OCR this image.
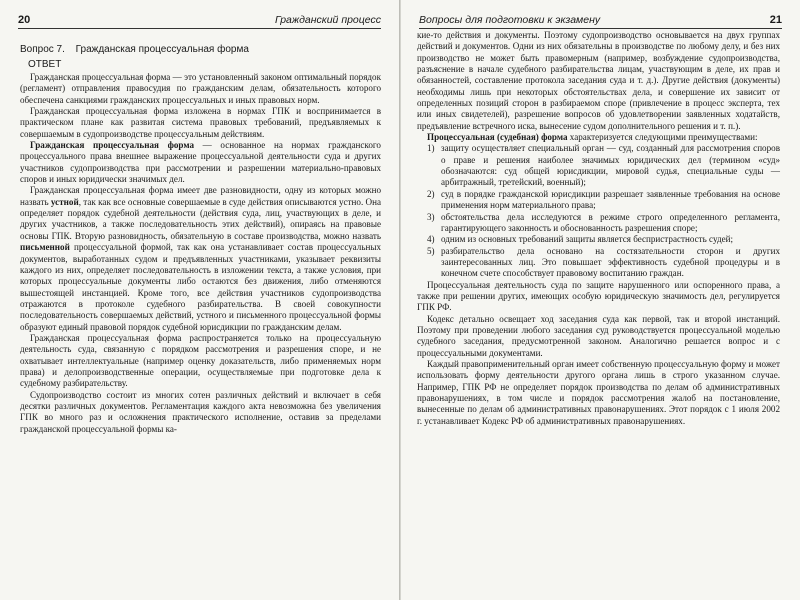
20	Гражданский процесс
Вопрос 7. Гражданская процессуальная форма
ОТВЕТ

Гражданская процессуальная форма — это установленный законом оптимальный порядок (регламент) отправления правосудия по гражданским делам, обязательность которого обеспечена санкциями гражданских процессуальных и иных правовых норм.

Гражданская процессуальная форма изложена в нормах ГПК и воспринимается в практическом плане как развитая система правовых требований, предъявляемых к совершаемым в судопроизводстве процессуальным действиям.

Гражданская процессуальная форма — основанное на нормах гражданского процессуального права внешнее выражение процессуальной деятельности суда и других участников судопроизводства при рассмотрении и разрешении материально-правовых споров и иных юридически значимых дел.

Гражданская процессуальная форма имеет две разновидности, одну из которых можно назвать устной, так как все основные совершаемые в суде действия описываются устно. Она определяет порядок судебной деятельности (действия суда, лиц, участвующих в деле, и других участников, а также последовательность этих действий), опираясь на правовые основы ГПК. Вторую разновидность, обязательную в составе производства, можно назвать письменной процессуальной формой, так как она устанавливает состав процессуальных документов, выработанных судом и предъявленных участниками, указывает реквизиты каждого из них, определяет последовательность в изложении текста, а также условия, при которых процессуальные документы либо остаются без движения, либо отменяются вышестоящей инстанцией. Кроме того, все действия участников судопроизводства отражаются в протоколе судебного разбирательства. В своей совокупности последовательность совершаемых действий, устного и письменного процессуальной формы образуют единый правовой порядок судебной юрисдикции по гражданским делам.

Гражданская процессуальная форма распространяется только на процессуальную деятельность суда, связанную с порядком рассмотрения и разрешения споре, и не охватывает интеллектуальные (например оценку доказательств, либо применяемых норм права) и делопроизводственные операции, осуществляемые при подготовке дела к судебному разбирательству.

Судопроизводство состоит из многих сотен различных действий и включает в себя десятки различных документов. Регламентация каждого акта невозможна без увеличения ГПК во много раз и осложнения практического исполнение, оставив за пределами гражданской процессуальной формы ка-

Вопросы для подготовки к экзамену	21

кие-то действия и документы. Поэтому судопроизводство основывается на двух группах действий и документов. Одни из них обязательны в производстве по любому делу, и без них производство не может быть правомерным (например, возбуждение судопроизводства, разъяснение в начале судебного разбирательства лицам, участвующим в деле, их прав и обязанностей, составление протокола заседания суда и т. д.). Другие действия (документы) необходимы лишь при некоторых обстоятельствах дела, и совершение их зависит от определенных позиций сторон в разбираемом споре (привлечение в процесс эксперта, тех или иных свидетелей), разрешение вопросов об удовлетворении заявленных ходатайств, предъявление встречного иска, вынесение судом дополнительного решения и т. п.).

Процессуальная (судебная) форма характеризуется следующими преимуществами:

1) защиту осуществляет специальный орган — суд, созданный для рассмотрения споров о праве и решения наиболее значимых юридических дел (термином «суд» обозначаются: суд общей юрисдикции, мировой судья, специальные суды — арбитражный, третейский, военный);
2) суд в порядке гражданской юрисдикции разрешает заявленные требования на основе применения норм материального права;
3) обстоятельства дела исследуются в режиме строго определенного регламента, гарантирующего законность и обоснованность разрешения споре;
4) одним из основных требований защиты является беспристрастность судей;
5) разбирательство дела основано на состязательности сторон и других заинтересованных лиц. Это повышает эффективность судебной процедуры и в конечном счете способствует правовому воспитанию граждан.

Процессуальная деятельность суда по защите нарушенного или оспоренного права, а также при решении других, имеющих особую юридическую значимость дел, регулируется ГПК РФ.

Кодекс детально освещает ход заседания суда как первой, так и второй инстанций. Поэтому при проведении любого заседания суд руководствуется процессуальной моделью судебного заседания, предусмотренной законом. Аналогично решается вопрос и с процессуальными документами.

Каждый правоприменительный орган имеет собственную процессуальную форму и может использовать форму деятельности другого органа лишь в строго указанном случае. Например, ГПК РФ не определяет порядок производства по делам об административных правонарушениях, в том числе и порядок рассмотрения жалоб на постановление, вынесенные по делам об административных правонарушениях. Этот порядок с 1 июля 2002 г. устанавливает Кодекс РФ об административных правонарушениях.
